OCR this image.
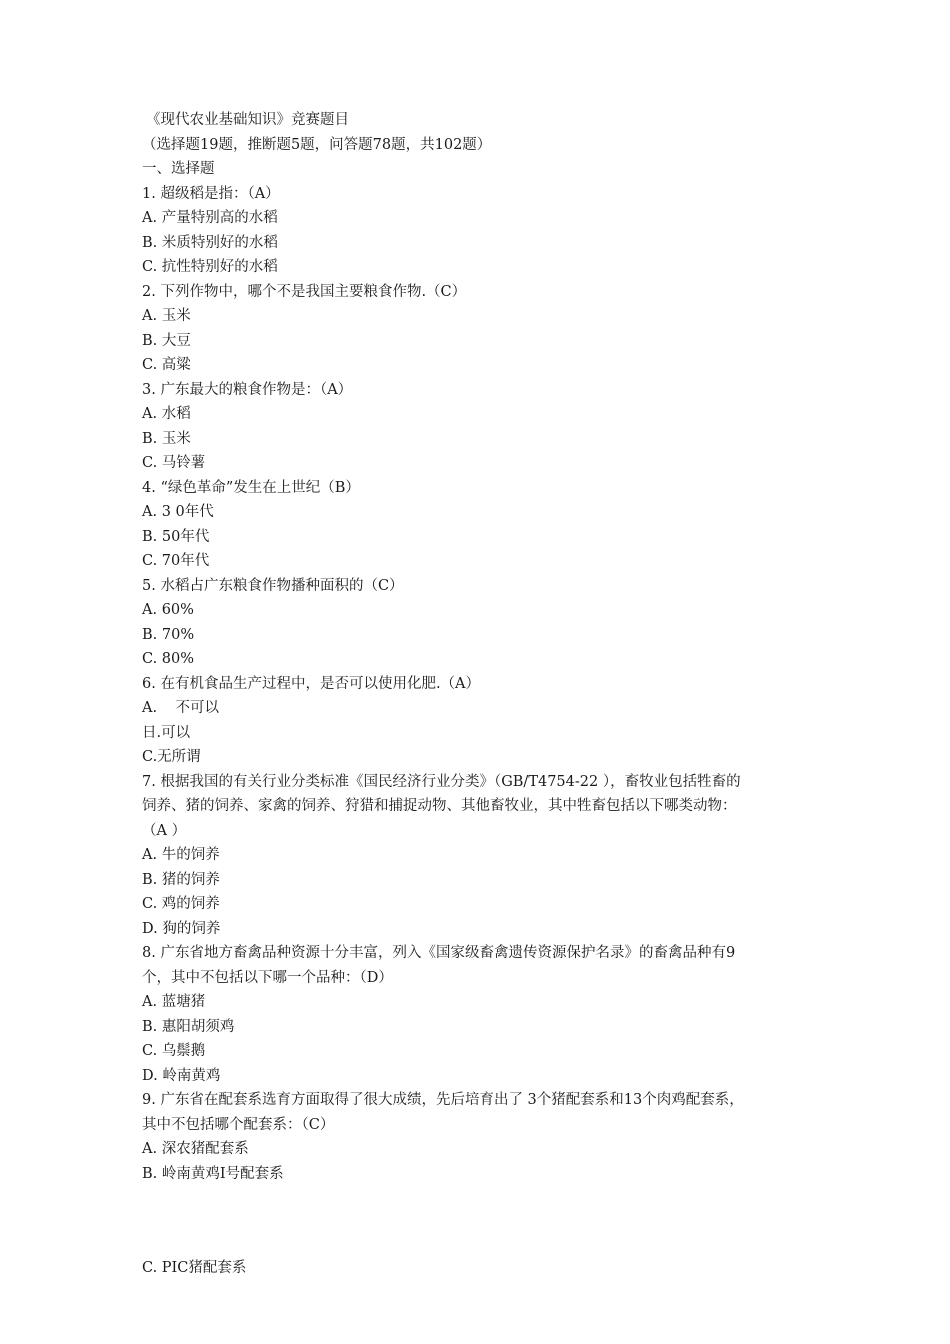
《现代农业基础知识》竞赛题目
（选择题19题，推断题5题，问答题78题，共102题）
一、选择题
1. 超级稻是指：（A）
A. 产量特别高的水稻
B. 米质特别好的水稻
C. 抗性特别好的水稻
2. 下列作物中，哪个不是我国主要粮食作物.（C）
A. 玉米
B. 大豆
C. 高粱
3. 广东最大的粮食作物是：（A）
A. 水稻
B. 玉米
C. 马铃薯
4. “绿色革命”发生在上世纪（B）
A. 3 0年代
B. 50年代
C. 70年代
5. 水稻占广东粮食作物播种面积的（C）
A. 60%
B. 70%
C. 80%
6. 在有机食品生产过程中，是否可以使用化肥.（A）
A.    不可以
日.可以
C.无所谓
7. 根据我国的有关行业分类标准《国民经济行业分类》（GB/T4754-22 ），畜牧业包括牲畜的
饲养、猪的饲养、家禽的饲养、狩猎和捕捉动物、其他畜牧业，其中牲畜包括以下哪类动物：
（A ）
A. 牛的饲养
B. 猪的饲养
C. 鸡的饲养
D. 狗的饲养
8. 广东省地方畜禽品种资源十分丰富，列入《国家级畜禽遗传资源保护名录》的畜禽品种有9
个，其中不包括以下哪一个品种：（D）
A. 蓝塘猪
B. 惠阳胡须鸡
C. 乌鬃鹅
D. 岭南黄鸡
9. 广东省在配套系选育方面取得了很大成绩，先后培育出了 3个猪配套系和13个肉鸡配套系，
其中不包括哪个配套系：（C）
A. 深农猪配套系
B. 岭南黄鸡Ⅰ号配套系
C. PIC猪配套系
